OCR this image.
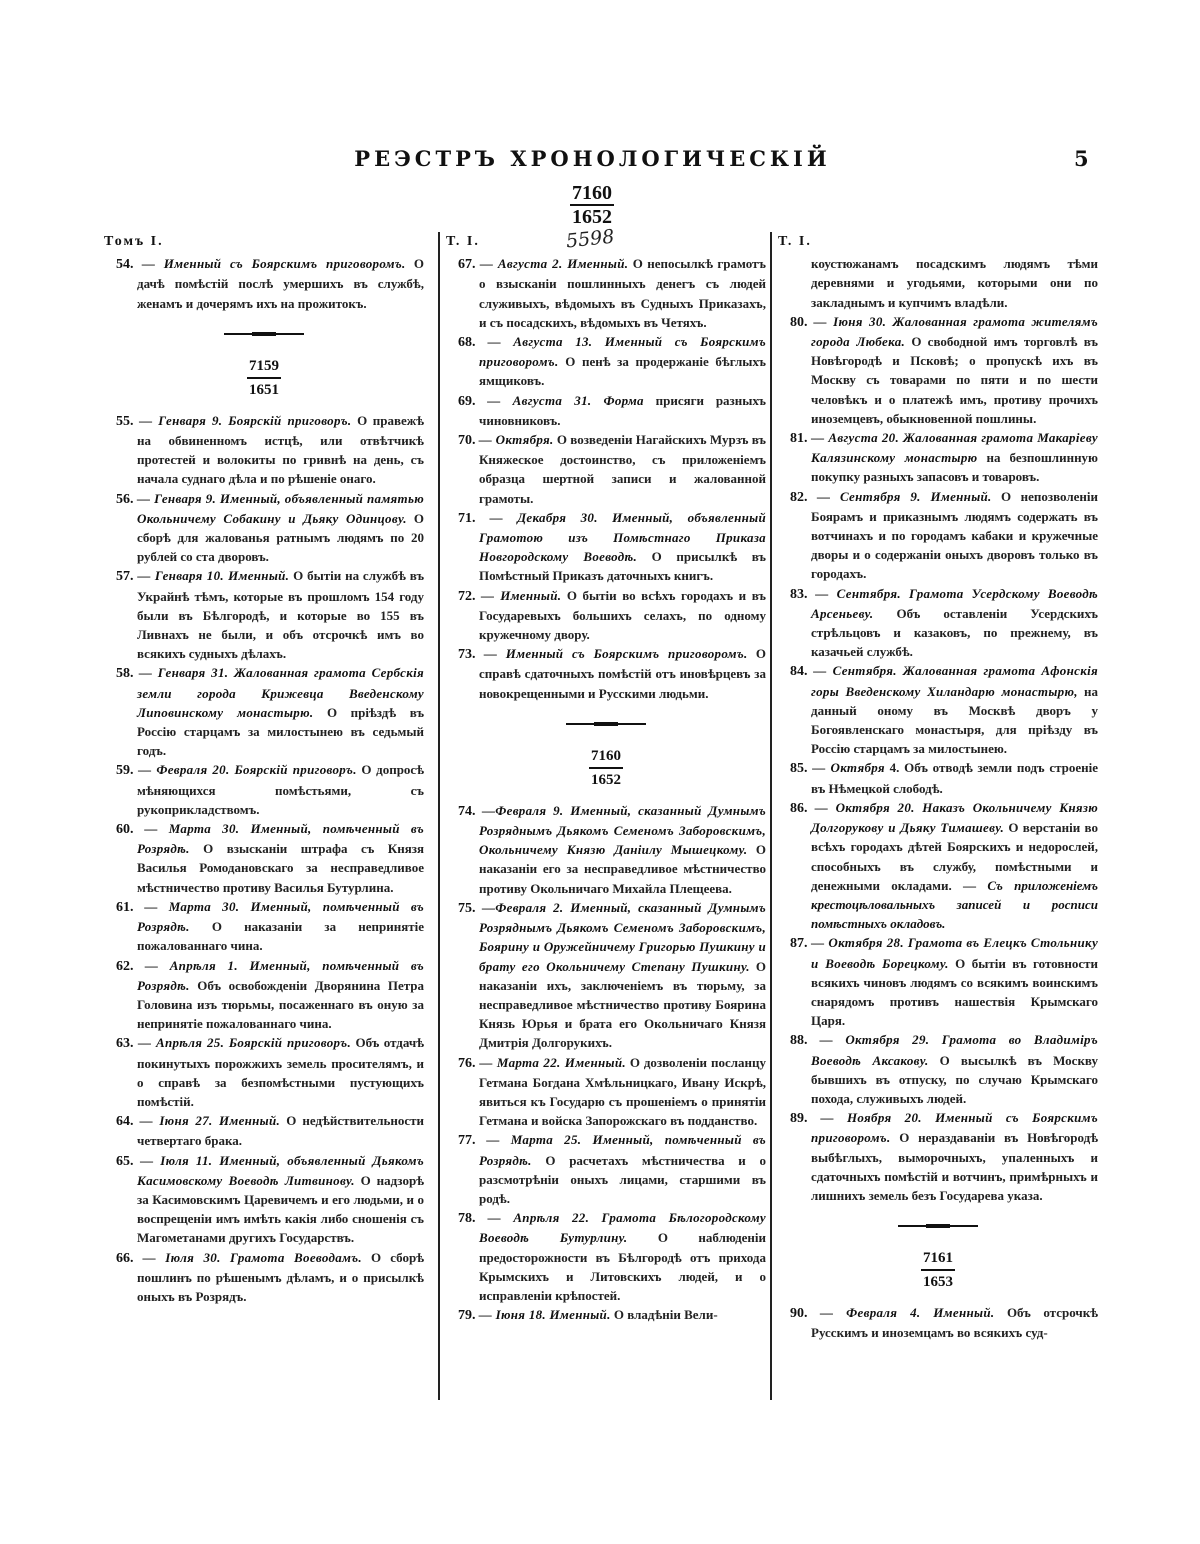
РЕЭСТРЪ ХРОНОЛОГИЧЕСКІЙ	5
7160
1652
5598
Томъ I.
54. — Именный съ Боярскимъ приговоромъ. О дачѣ помѣстій послѣ умершихъ въ службѣ, женамъ и дочерямъ ихъ на прожитокъ.
7159
1651
55. — Генваря 9. Боярскій приговоръ. О правежѣ на обвиненномъ истцѣ, или отвѣтчикѣ протестей и волокиты по гривнѣ на день, съ начала суднаго дѣла и по рѣшеніе онаго.
56. — Генваря 9. Именный, объявленный памятью Окольничему Собакину и Дьяку Одинцову. О сборѣ для жалованья ратнымъ людямъ по 20 рублей со ста дворовъ.
57. — Генваря 10. Именный. О бытіи на службѣ въ Украйнѣ тѣмъ, которые въ прошломъ 154 году были въ Бѣлгородѣ, и которые во 155 въ Ливнахъ не были, и объ отсрочкѣ имъ во всякихъ судныхъ дѣлахъ.
58. — Генваря 31. Жалованная грамота Сербскія земли города Крижевца Введенскому Липовинскому монастырю. О пріѣздѣ въ Россію старцамъ за милостынею въ седьмый годъ.
59. — Февраля 20. Боярскій приговоръ. О допросѣ мѣняющихся помѣстьями, съ рукоприкладствомъ.
60. — Марта 30. Именный, помѣченный въ Розрядѣ. О взысканіи штрафа съ Князя Василья Ромодановскаго за несправедливое мѣстничество противу Василья Бутурлина.
61. — Марта 30. Именный, помѣченный въ Розрядѣ. О наказаніи за непринятіе пожалованнаго чина.
62. — Апрѣля 1. Именный, помѣченный въ Розрядѣ. Объ освобожденіи Дворянина Петра Головина изъ тюрьмы, посаженнаго въ оную за непринятіе пожалованнаго чина.
63. — Апрѣля 25. Боярскій приговоръ. Объ отдачѣ покинутыхъ порожжихъ земель просителямъ, и о справѣ за безпомѣстными пустующихъ помѣстій.
64. — Іюня 27. Именный. О недѣйствительности четвертаго брака.
65. — Іюля 11. Именный, объявленный Дьякомъ Касимовскому Воеводѣ Литвинову. О надзорѣ за Касимовскимъ Царевичемъ и его людьми, и о воспрещеніи имъ имѣть какія либо сношенія съ Магометанами другихъ Государствъ.
66. — Іюля 30. Грамота Воеводамъ. О сборѣ пошлинъ по рѣшенымъ дѣламъ, и о присылкѣ оныхъ въ Розрядъ.
Т. I.
67. — Августа 2. Именный. О непосылкѣ грамотъ о взысканіи пошлинныхъ денегъ съ людей служивыхъ, вѣдомыхъ въ Судныхъ Приказахъ, и съ посадскихъ, вѣдомыхъ въ Четяхъ.
68. — Августа 13. Именный съ Боярскимъ приговоромъ. О пенѣ за продержаніе бѣглыхъ ямщиковъ.
69. — Августа 31. Форма присяги разныхъ чиновниковъ.
70. — Октября. О возведеніи Нагайскихъ Мурзъ въ Княжеское достоинство, съ приложеніемъ образца шертной записи и жалованной грамоты.
71. — Декабря 30. Именный, объявленный Грамотою изъ Помѣстнаго Приказа Новгородскому Воеводѣ. О присылкѣ въ Помѣстный Приказъ даточныхъ книгъ.
72. — Именный. О бытіи во всѣхъ городахъ и въ Государевыхъ большихъ селахъ, по одному кружечному двору.
73. — Именный съ Боярскимъ приговоромъ. О справѣ сдаточныхъ помѣстій отъ иновѣрцевъ за новокрещенными и Русскими людьми.
7160
1652
74. —Февраля 9. Именный, сказанный Думнымъ Розряднымъ Дьякомъ Семеномъ Заборовскимъ, Окольничему Князю Даніилу Мышецкому. О наказаніи его за несправедливое мѣстничество противу Окольничаго Михайла Плещеева.
75. —Февраля 2. Именный, сказанный Думнымъ Розряднымъ Дьякомъ Семеномъ Заборовскимъ, Боярину и Оружейничему Григорью Пушкину и брату его Окольничему Степану Пушкину. О наказаніи ихъ, заключеніемъ въ тюрьму, за несправедливое мѣстничество противу Боярина Князь Юрья и брата его Окольничаго Князя Дмитрія Долгорукихъ.
76. — Марта 22. Именный. О дозволеніи посланцу Гетмана Богдана Хмѣльницкаго, Ивану Искрѣ, явиться къ Государю съ прошеніемъ о принятіи Гетмана и войска Запорожскаго въ подданство.
77. — Марта 25. Именный, помѣченный въ Розрядѣ. О расчетахъ мѣстничества и о разсмотрѣніи оныхъ лицами, старшими въ родѣ.
78. — Апрѣля 22. Грамота Бѣлогородскому Воеводѣ Бутурлину. О наблюденіи предосторожности въ Бѣлгородѣ отъ прихода Крымскихъ и Литовскихъ людей, и о исправленіи крѣпостей.
79. — Іюня 18. Именный. О владѣніи Вели-
Т. I.
коустюжанамъ посадскимъ людямъ тѣми деревнями и угодьями, которыми они по закладнымъ и купчимъ владѣли.
80. — Іюня 30. Жалованная грамота жителямъ города Любека. О свободной имъ торговлѣ въ Новѣгородѣ и Псковѣ; о пропускѣ ихъ въ Москву съ товарами по пяти и по шести человѣкъ и о платежѣ имъ, противу прочихъ иноземцевъ, обыкновенной пошлины.
81. — Августа 20. Жалованная грамота Макаріеву Калязинскому монастырю на безпошлинную покупку разныхъ запасовъ и товаровъ.
82. — Сентября 9. Именный. О непозволеніи Боярамъ и приказнымъ людямъ содержать въ вотчинахъ и по городамъ кабаки и кружечные дворы и о содержаніи оныхъ дворовъ только въ городахъ.
83. — Сентября. Грамота Усердскому Воеводѣ Арсеньеву. Объ оставленіи Усердскихъ стрѣльцовъ и казаковъ, по прежнему, въ казачьей службѣ.
84. — Сентября. Жалованная грамота Афонскія горы Введенскому Хиландарю монастырю, на данный оному въ Москвѣ дворъ у Богоявленскаго монастыря, для пріѣзду въ Россію старцамъ за милостынею.
85. — Октября 4. Объ отводѣ земли подъ строеніе въ Нѣмецкой слободѣ.
86. — Октября 20. Наказъ Окольничему Князю Долгорукову и Дьяку Тимашеву. О верстаніи во всѣхъ городахъ дѣтей Боярскихъ и недорослей, способныхъ въ службу, помѣстными и денежными окладами. — Съ приложеніемъ крестоцѣловальныхъ записей и росписи помѣстныхъ окладовъ.
87. — Октября 28. Грамота въ Елецкъ Стольнику и Воеводѣ Борецкому. О бытіи въ готовности всякихъ чиновъ людямъ со всякимъ воинскимъ снарядомъ противъ нашествія Крымскаго Царя.
88. — Октября 29. Грамота во Владиміръ Воеводѣ Аксакову. О высылкѣ въ Москву бывшихъ въ отпуску, по случаю Крымскаго похода, служивыхъ людей.
89. — Ноября 20. Именный съ Боярскимъ приговоромъ. О нераздаваніи въ Новѣгородѣ выбѣглыхъ, выморочныхъ, упаленныхъ и сдаточныхъ помѣстій и вотчинъ, примѣрныхъ и лишнихъ земель безъ Государева указа.
7161
1653
90. — Февраля 4. Именный. Объ отсрочкѣ Русскимъ и иноземцамъ во всякихъ суд-
